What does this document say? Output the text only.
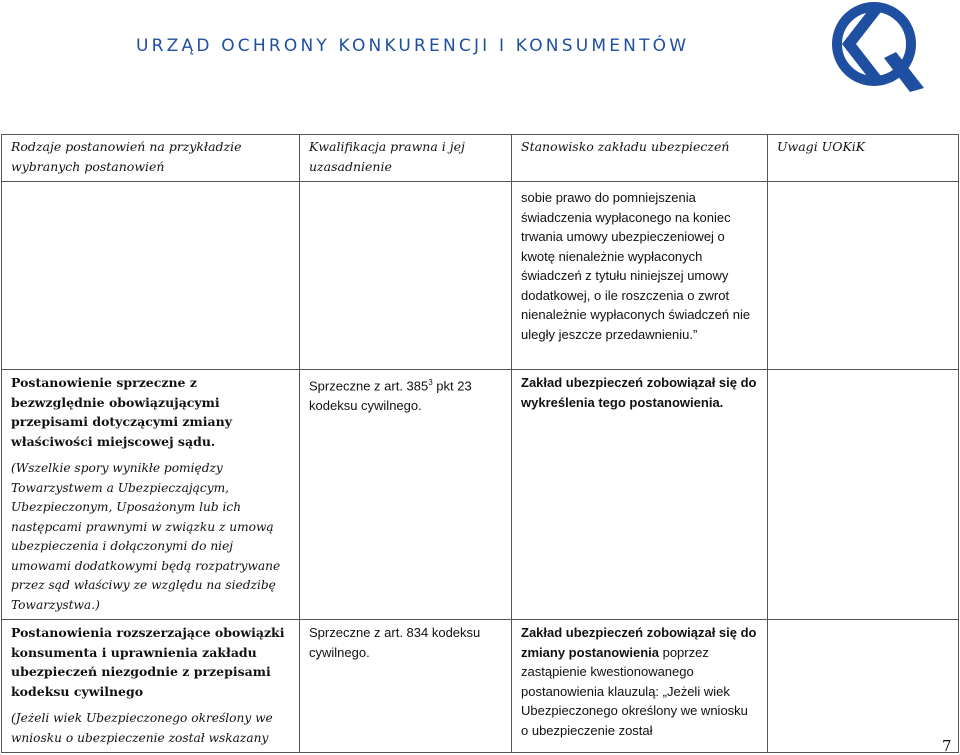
URZĄD OCHRONY KONKURENCJI I KONSUMENTÓW
Rodzaje postanowień na przykładzie wybranych postanowień	Kwalifikacja prawna i jej uzasadnienie	Stanowisko zakładu ubezpieczeń	Uwagi UOKiK

		sobie prawo do pomniejszenia świadczenia wypłaconego na koniec trwania umowy ubezpieczeniowej o kwotę nienależnie wypłaconych świadczeń z tytułu niniejszej umowy dodatkowej, o ile roszczenia o zwrot nienależnie wypłaconych świadczeń nie uległy jeszcze przedawnieniu.”	

Postanowienie sprzeczne z bezwzględnie obowiązującymi przepisami dotyczącymi zmiany właściwości miejscowej sądu.
(Wszelkie spory wynikłe pomiędzy Towarzystwem a Ubezpieczającym, Ubezpieczonym, Uposażonym lub ich następcami prawnymi w związku z umową ubezpieczenia i dołączonymi do niej umowami dodatkowymi będą rozpatrywane przez sąd właściwy ze względu na siedzibę Towarzystwa.)	Sprzeczne z art. $385^3$ pkt 23 kodeksu cywilnego.	Zakład ubezpieczeń zobowiązał się do wykreślenia tego postanowienia.	

Postanowienia rozszerzające obowiązki konsumenta i uprawnienia zakładu ubezpieczeń niezgodnie z przepisami kodeksu cywilnego
(Jeżeli wiek Ubezpieczonego określony we wniosku o ubezpieczenie został wskazany	Sprzeczne z art. 834 kodeksu cywilnego.	Zakład ubezpieczeń zobowiązał się do zmiany postanowienia poprzez zastąpienie kwestionowanego postanowienia klauzulą: „Jeżeli wiek Ubezpieczonego określony we wniosku o ubezpieczenie został	

7
